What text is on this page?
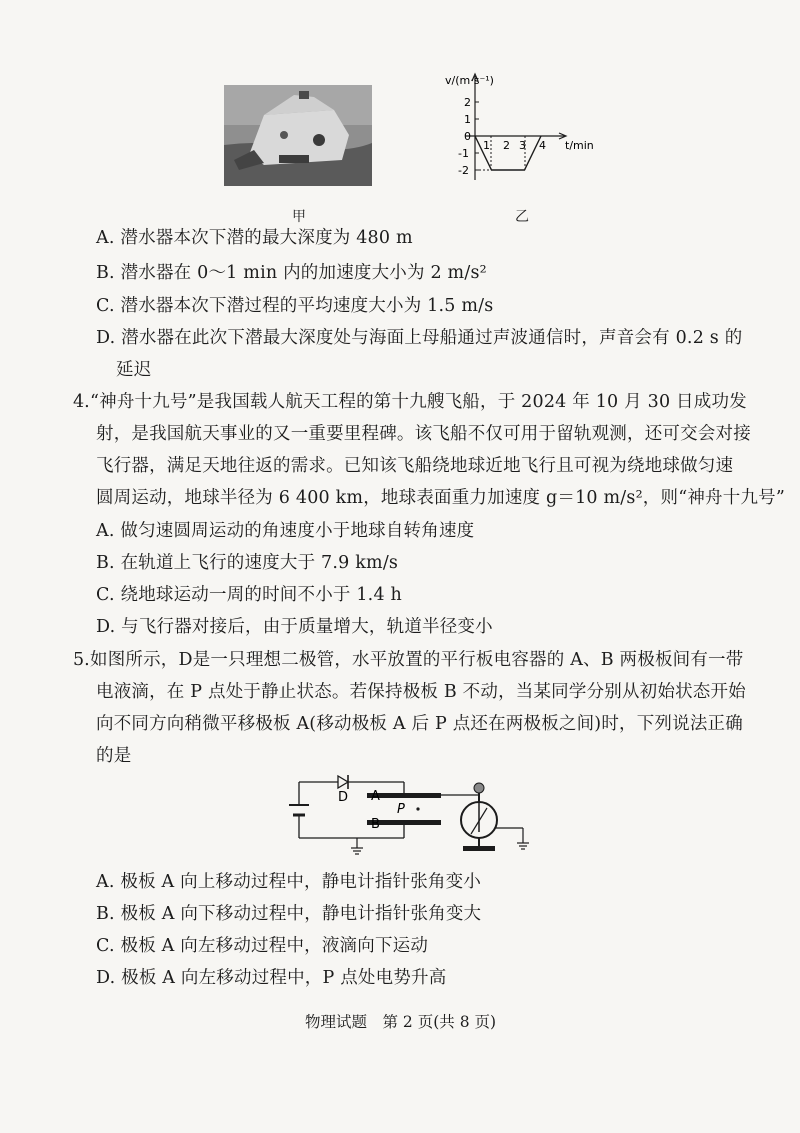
v/(m·s⁻¹)
2
1
0
-1
-2
1 2 3 4 t/min
甲	乙
A. 潜水器本次下潜的最大深度为 480 m
B. 潜水器在 0～1 min 内的加速度大小为 2 m/s²
C. 潜水器本次下潜过程的平均速度大小为 1.5 m/s
D. 潜水器在此次下潜最大深度处与海面上母船通过声波通信时，声音会有 0.2 s 的
延迟
4. “神舟十九号”是我国载人航天工程的第十九艘飞船，于 2024 年 10 月 30 日成功发
射，是我国航天事业的又一重要里程碑。该飞船不仅可用于留轨观测，还可交会对接
飞行器，满足天地往返的需求。已知该飞船绕地球近地飞行且可视为绕地球做匀速
圆周运动，地球半径为 6 400 km，地球表面重力加速度 g＝10 m/s²，则“神舟十九号”
A. 做匀速圆周运动的角速度小于地球自转角速度
B. 在轨道上飞行的速度大于 7.9 km/s
C. 绕地球运动一周的时间不小于 1.4 h
D. 与飞行器对接后，由于质量增大，轨道半径变小
5. 如图所示，D是一只理想二极管，水平放置的平行板电容器的 A、B 两极板间有一带
电液滴，在 P 点处于静止状态。若保持极板 B 不动，当某同学分别从初始状态开始
向不同方向稍微平移极板 A(移动极板 A 后 P 点还在两极板之间)时，下列说法正确
的是
D A
P
B
A. 极板 A 向上移动过程中，静电计指针张角变小
B. 极板 A 向下移动过程中，静电计指针张角变大
C. 极板 A 向左移动过程中，液滴向下运动
D. 极板 A 向左移动过程中，P 点处电势升高
物理试题　第 2 页(共 8 页)
